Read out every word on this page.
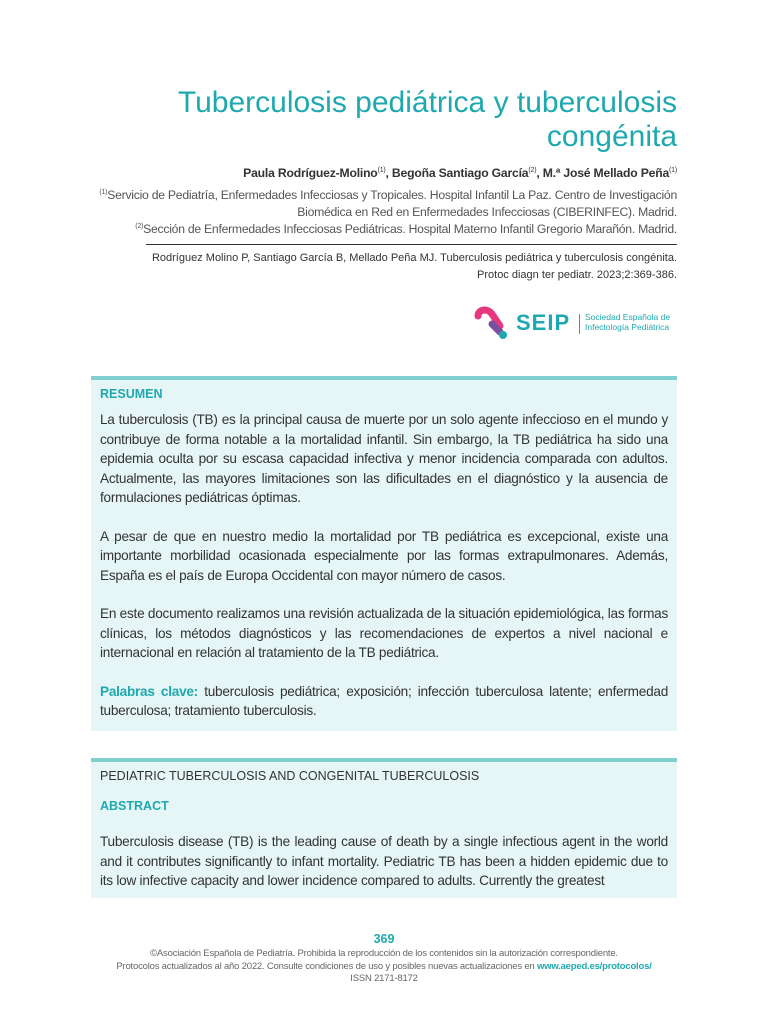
Tuberculosis pediátrica y tuberculosis congénita
Paula Rodríguez-Molino$^{(1)}$, Begoña Santiago García$^{(2)}$, M.ª José Mellado Peña$^{(1)}$
$^{(1)}$Servicio de Pediatría, Enfermedades Infecciosas y Tropicales. Hospital Infantil La Paz. Centro de Investigación Biomédica en Red en Enfermedades Infecciosas (CIBERINFEC). Madrid.
$^{(2)}$Sección de Enfermedades Infecciosas Pediátricas. Hospital Materno Infantil Gregorio Marañón. Madrid.
Rodríguez Molino P, Santiago García B, Mellado Peña MJ. Tuberculosis pediátrica y tuberculosis congénita.
Protoc diagn ter pediatr. 2023;2:369-386.
SEIP Sociedad Española de
Infectología Pediátrica
RESUMEN

La tuberculosis (TB) es la principal causa de muerte por un solo agente infeccioso en el mundo y contribuye de forma notable a la mortalidad infantil. Sin embargo, la TB pediátrica ha sido una epidemia oculta por su escasa capacidad infectiva y menor incidencia comparada con adultos. Actualmente, las mayores limitaciones son las dificultades en el diagnóstico y la ausencia de formulaciones pediátricas óptimas.

A pesar de que en nuestro medio la mortalidad por TB pediátrica es excepcional, existe una importante morbilidad ocasionada especialmente por las formas extrapulmonares. Además, España es el país de Europa Occidental con mayor número de casos.

En este documento realizamos una revisión actualizada de la situación epidemiológica, las formas clínicas, los métodos diagnósticos y las recomendaciones de expertos a nivel nacional e internacional en relación al tratamiento de la TB pediátrica.

Palabras clave: tuberculosis pediátrica; exposición; infección tuberculosa latente; enfermedad tuberculosa; tratamiento tuberculosis.

PEDIATRIC TUBERCULOSIS AND CONGENITAL TUBERCULOSIS
ABSTRACT

Tuberculosis disease (TB) is the leading cause of death by a single infectious agent in the world and it contributes significantly to infant mortality. Pediatric TB has been a hidden epidemic due to its low infective capacity and lower incidence compared to adults. Currently the greatest

369
©Asociación Española de Pediatría. Prohibida la reproducción de los contenidos sin la autorización correspondiente.
Protocolos actualizados al año 2022. Consulte condiciones de uso y posibles nuevas actualizaciones en www.aeped.es/protocolos/
ISSN 2171-8172
